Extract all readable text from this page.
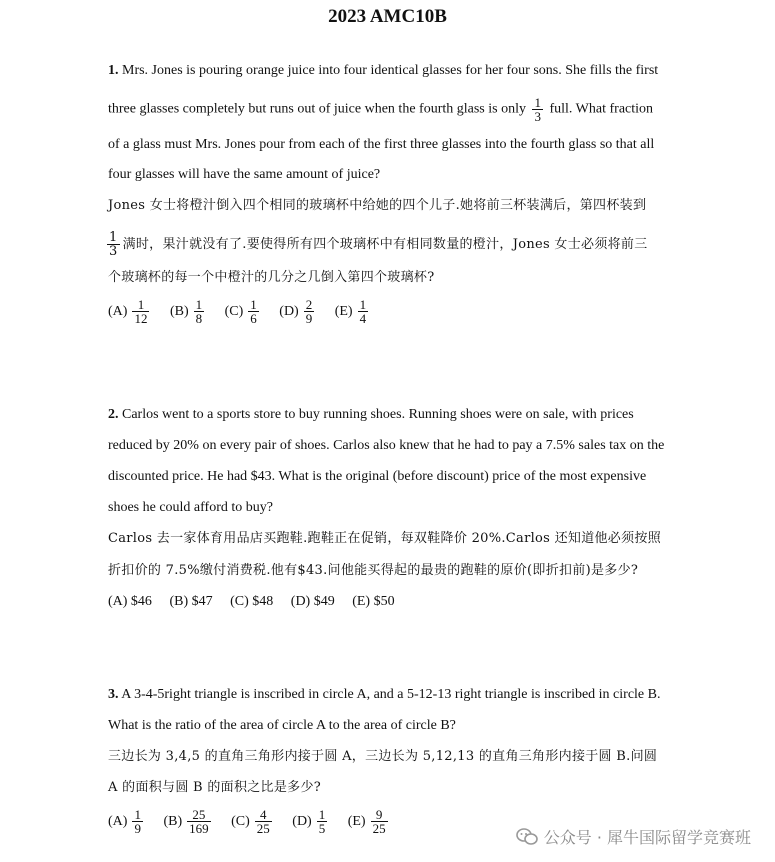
2023 AMC10B
1. Mrs. Jones is pouring orange juice into four identical glasses for her four sons. She fills the first
three glasses completely but runs out of juice when the fourth glass is only $\frac{1}{3}$ full. What fraction
of a glass must Mrs. Jones pour from each of the first three glasses into the fourth glass so that all
four glasses will have the same amount of juice?
Jones 女士将橙汁倒入四个相同的玻璃杯中给她的四个儿子.她将前三杯装满后，第四杯装到
$\frac{1}{3}$ 满时，果汁就没有了.要使得所有四个玻璃杯中有相同数量的橙汁，Jones 女士必须将前三
个玻璃杯的每一个中橙汁的几分之几倒入第四个玻璃杯?
$(A) \frac{1}{12}$
$(B) \frac{1}{8}$
$(C) \frac{1}{6}$
$(D) \frac{2}{9}$
$(E) \frac{1}{4}$
2. Carlos went to a sports store to buy running shoes. Running shoes were on sale, with prices
reduced by 20% on every pair of shoes. Carlos also knew that he had to pay a 7.5% sales tax on the
discounted price. He had $43. What is the original (before discount) price of the most expensive
shoes he could afford to buy?
Carlos 去一家体育用品店买跑鞋.跑鞋正在促销，每双鞋降价 20%.Carlos 还知道他必须按照
折扣价的 7.5%缴付消费税.他有$43.问他能买得起的最贵的跑鞋的原价(即折扣前)是多少?
(A) $46 (B) $47 (C) $48 (D) $49 (E) $50
3. A 3-4-5right triangle is inscribed in circle A, and a 5-12-13 right triangle is inscribed in circle B.
What is the ratio of the area of circle A to the area of circle B?
三边长为 3,4,5 的直角三角形内接于圆 A，三边长为 5,12,13 的直角三角形内接于圆 B.问圆
A 的面积与圆 B 的面积之比是多少?
$(A) \frac{1}{9}$
$(B) \frac{25}{169}$
$(C) \frac{4}{25}$
$(D) \frac{1}{5}$
$(E) \frac{9}{25}$
公众号 · 犀牛国际留学竞赛班
